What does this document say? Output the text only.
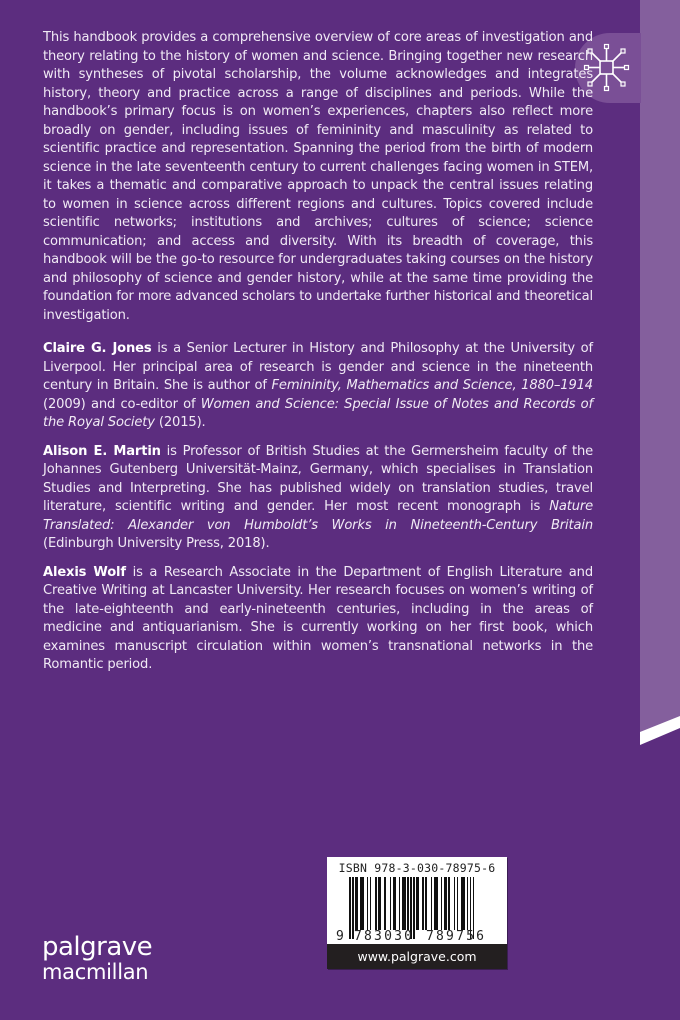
This handbook provides a comprehensive overview of core areas of investigation and theory relating to the history of women and science. Bringing together new research with syntheses of pivotal scholarship, the volume acknowledges and integrates history, theory and practice across a range of disciplines and periods. While the handbook’s primary focus is on women’s experiences, chapters also reflect more broadly on gender, including issues of femininity and masculinity as related to scientific practice and representation. Spanning the period from the birth of modern science in the late seventeenth century to current challenges facing women in STEM, it takes a thematic and comparative approach to unpack the central issues relating to women in science across different regions and cultures. Topics covered include scientific networks; institutions and archives; cultures of science; science communication; and access and diversity. With its breadth of coverage, this handbook will be the go-to resource for undergraduates taking courses on the history and philosophy of science and gender history, while at the same time providing the foundation for more advanced scholars to undertake further historical and theoretical investigation.

Claire G. Jones is a Senior Lecturer in History and Philosophy at the University of Liverpool. Her principal area of research is gender and science in the nineteenth century in Britain. She is author of Femininity, Mathematics and Science, 1880–1914 (2009) and co-editor of Women and Science: Special Issue of Notes and Records of the Royal Society (2015).

Alison E. Martin is Professor of British Studies at the Germersheim faculty of the Johannes Gutenberg Universität-Mainz, Germany, which specialises in Translation Studies and Interpreting. She has published widely on translation studies, travel literature, scientific writing and gender. Her most recent monograph is Nature Translated: Alexander von Humboldt’s Works in Nineteenth-Century Britain (Edinburgh University Press, 2018).

Alexis Wolf is a Research Associate in the Department of English Literature and Creative Writing at Lancaster University. Her research focuses on women’s writing of the late-eighteenth and early-nineteenth centuries, including in the areas of medicine and antiquarianism. She is currently working on her first book, which examines manuscript circulation within women’s transnational networks in the Romantic period.

palgrave
macmillan
ISBN 978-3-030-78975-6
9 783030 789756
www.palgrave.com
